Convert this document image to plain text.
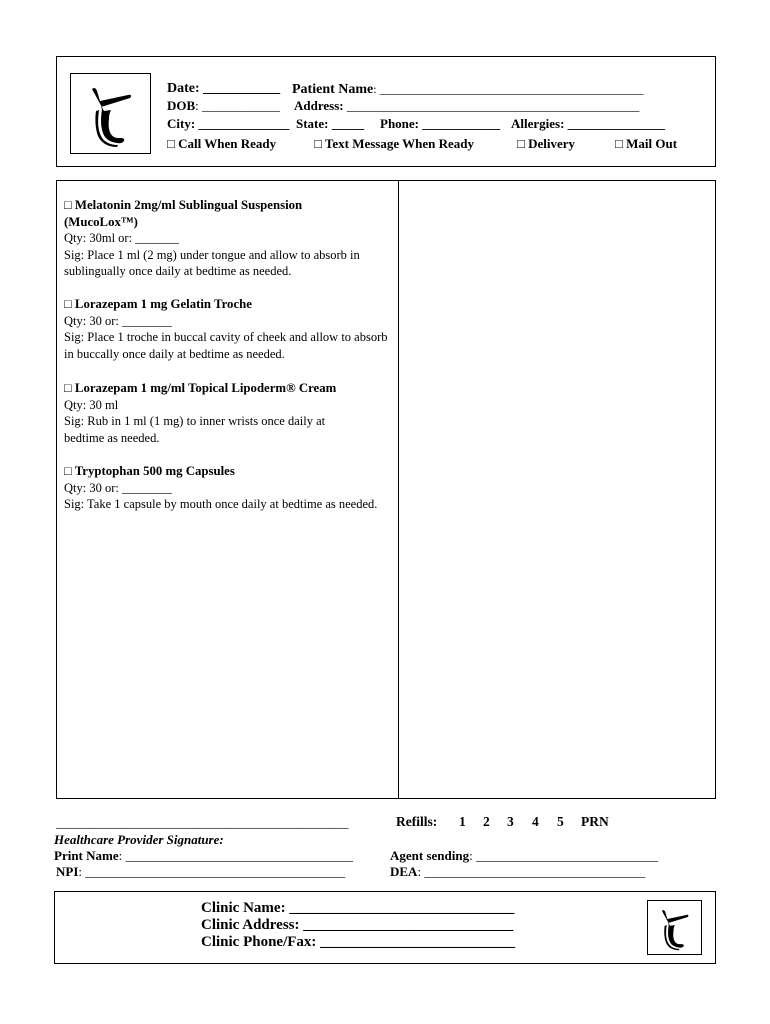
Date: ___________ Patient Name: ____________________________________________
DOB: ____________ Address: _____________________________________________
City: ______________ State: _____ Phone: ____________ Allergies: _______________
□ Call When Ready	□ Text Message When Ready	□ Delivery	□ Mail Out
□ Melatonin 2mg/ml Sublingual Suspension
(MucoLox™)
Qty: 30ml or: _______
Sig: Place 1 ml (2 mg) under tongue and allow to absorb in sublingually once daily at bedtime as needed.
□ Lorazepam 1 mg Gelatin Troche
Qty: 30 or: ________
Sig: Place 1 troche in buccal cavity of cheek and allow to absorb in buccally once daily at bedtime as needed.
□ Lorazepam 1 mg/ml Topical Lipoderm® Cream
Qty: 30 ml
Sig: Rub in 1 ml (1 mg) to inner wrists once daily at bedtime as needed.
□ Tryptophan 500 mg Capsules
Qty: 30 or: ________
Sig: Take 1 capsule by mouth once daily at bedtime as needed.
_____________________________________________
Healthcare Provider Signature:
Print Name: ___________________________________
NPI: ________________________________________
Refills: 1 2 3 4 5 PRN
Agent sending: ____________________________
DEA: __________________________________
Clinic Name: ______________________________
Clinic Address: ____________________________
Clinic Phone/Fax: __________________________
